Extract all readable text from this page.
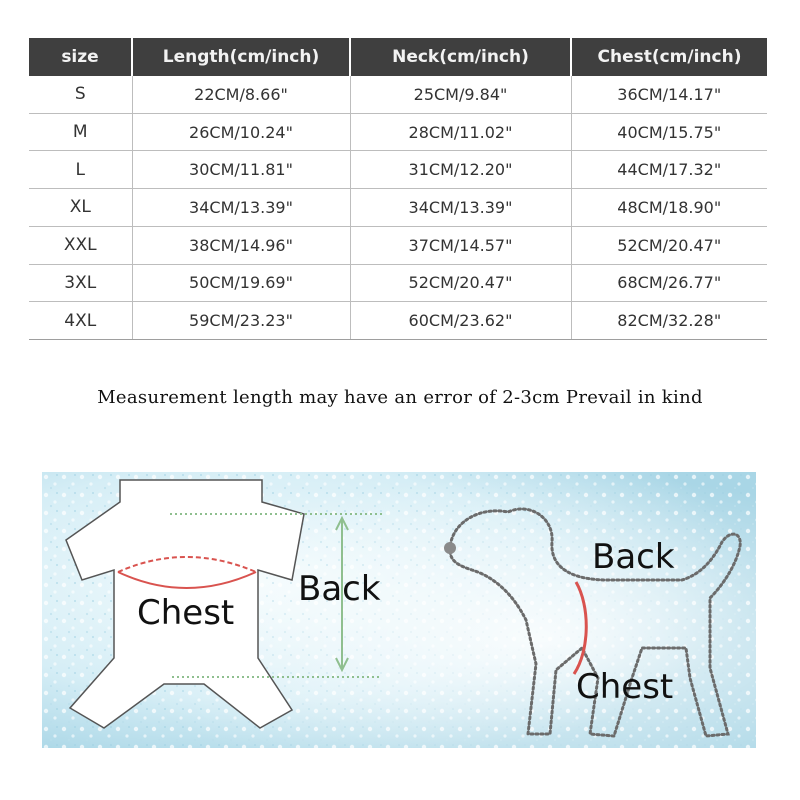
size	Length(cm/inch)	Neck(cm/inch)	Chest(cm/inch)
S	22CM/8.66"	25CM/9.84"	36CM/14.17"
M	26CM/10.24"	28CM/11.02"	40CM/15.75"
L	30CM/11.81"	31CM/12.20"	44CM/17.32"
XL	34CM/13.39"	34CM/13.39"	48CM/18.90"
XXL	38CM/14.96"	37CM/14.57"	52CM/20.47"
3XL	50CM/19.69"	52CM/20.47"	68CM/26.77"
4XL	59CM/23.23"	60CM/23.62"	82CM/32.28"
Measurement length may have an error of 2-3cm Prevail in kind
Chest
Back
Back
Chest
